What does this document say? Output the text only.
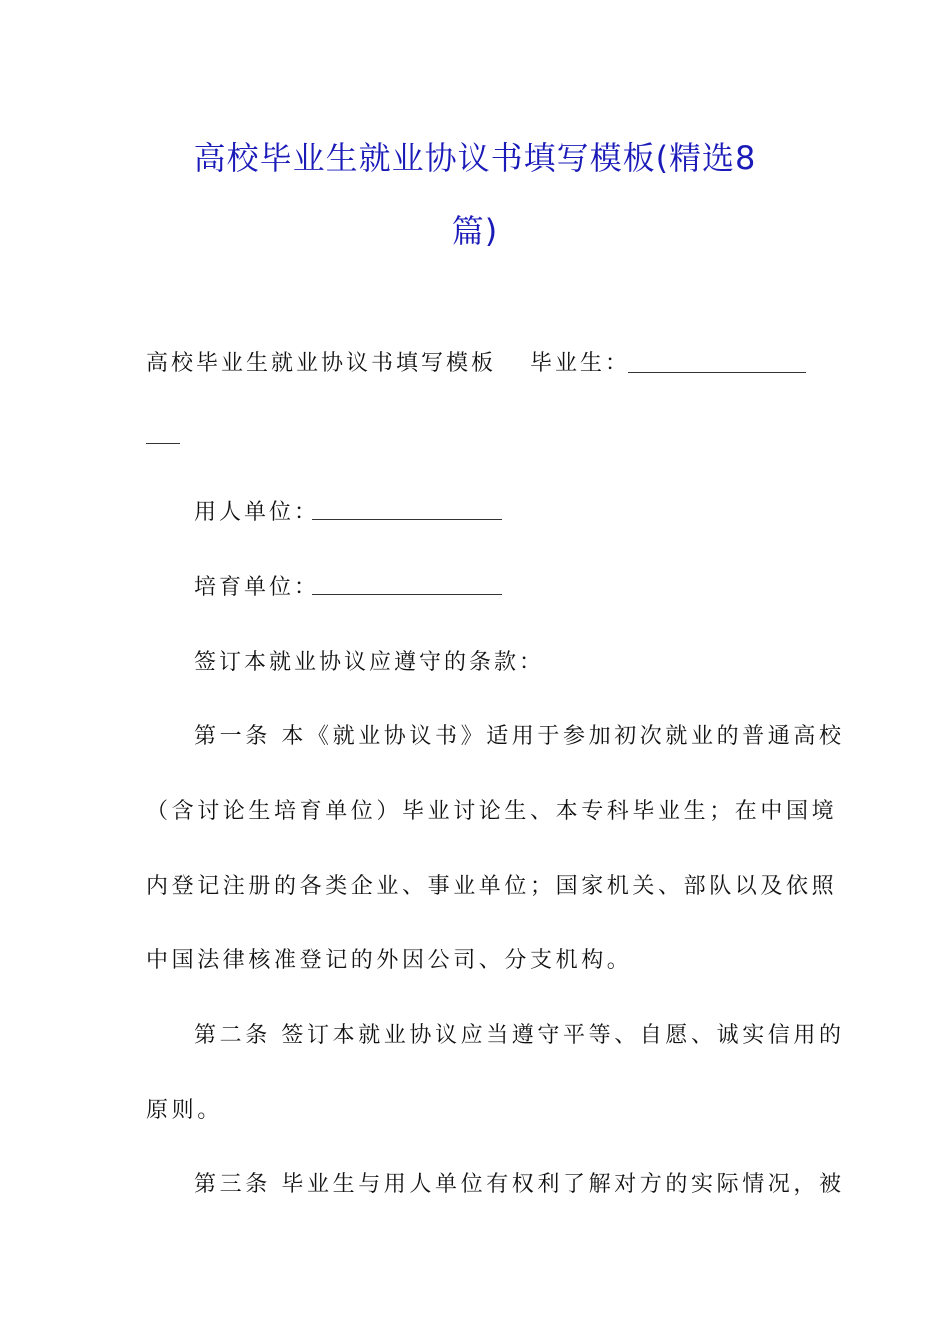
高校毕业生就业协议书填写模板(精选8
篇)
高校毕业生就业协议书填写模板 毕业生：
用人单位：
培育单位：
签订本就业协议应遵守的条款：
第一条 本《就业协议书》适用于参加初次就业的普通高校
（含讨论生培育单位）毕业讨论生、本专科毕业生；在中国境
内登记注册的各类企业、事业单位；国家机关、部队以及依照
中国法律核准登记的外因公司、分支机构。
第二条 签订本就业协议应当遵守平等、自愿、诚实信用的
原则。
第三条 毕业生与用人单位有权利了解对方的实际情况，被
